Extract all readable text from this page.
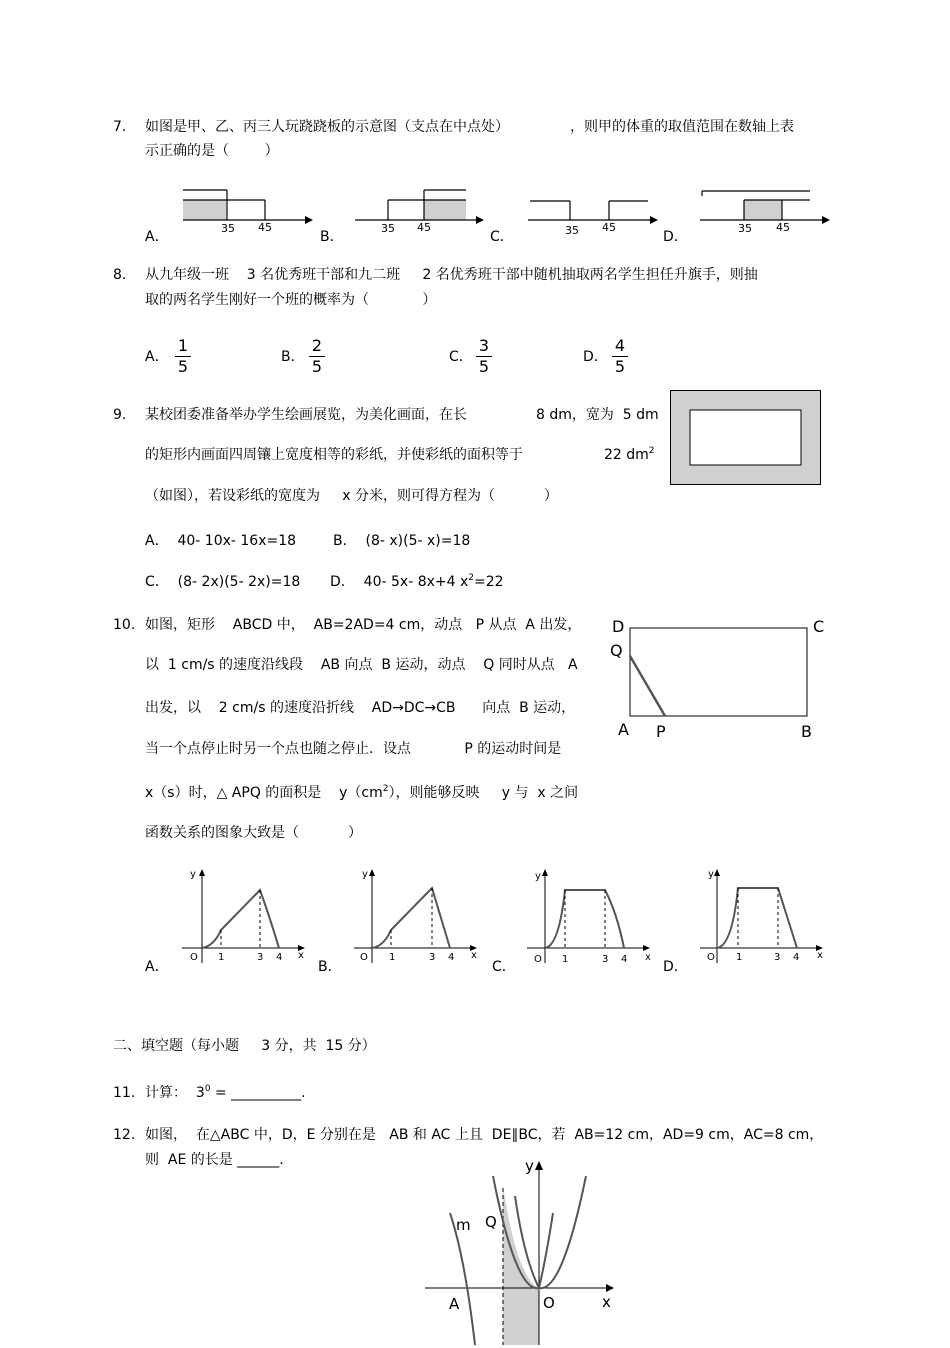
7. 如图是甲、乙、丙三人玩跷跷板的示意图（支点在中点处）	，则甲的体重的取值范围在数轴上表
示正确的是（        ）
A．	B．	C．	D．
35 45	35 45	35 45	35 45
8. 从九年级一班    3 名优秀班干部和九二班     2 名优秀班干部中随机抽取两名学生担任升旗手，则抽
取的两名学生刚好一个班的概率为（            ）
A． $\frac{1}{5}$	B． $\frac{2}{5}$	C． $\frac{3}{5}$	D． $\frac{4}{5}$
9. 某校团委准备举办学生绘画展览，为美化画面，在长	8 dm，宽为  5 dm
的矩形内画面四周镶上宽度相等的彩纸，并使彩纸的面积等于	22 $dm^2$
（如图），若设彩纸的宽度为     x 分米，则可得方程为（           ）
A．  40- 10x- 16x=18	B．  (8- x)(5- x)=18
C．  (8- 2x)(5- 2x)=18 D．  40- 5x- 8x+4 $x^2=22$
10. 如图，矩形    ABCD 中，  AB=2AD=4 cm，动点   P 从点  A 出发，
以  1 cm/s 的速度沿线段    AB 向点  B 运动，动点    Q 同时从点   A
出发，以    2 cm/s 的速度沿折线    AD→DC→CB      向点  B 运动，
当一个点停止时另一个点也随之停止．设点            P 的运动时间是
x（s）时，△ APQ 的面积是    $y(cm^2)$，则能够反映     y 与  x 之间
函数关系的图象大致是（           ）
D	C
Q
A P	B
y
O 1	3 4 x
A．
y
O 1	3 4 x
B．
y
O 1	3 4 x
C．
y
O 1	3 4 x
D．
二、填空题（每小题     3 分，共  15 分）
11. 计算：  $3^0$ = __________.
12. 如图，  在△ABC 中，D，E 分别在是   AB 和 AC 上且  DE∥BC，若  AB=12 cm，AD=9 cm，AC=8 cm，
则  AE 的长是 ______.	y
m Q
A	O	x
